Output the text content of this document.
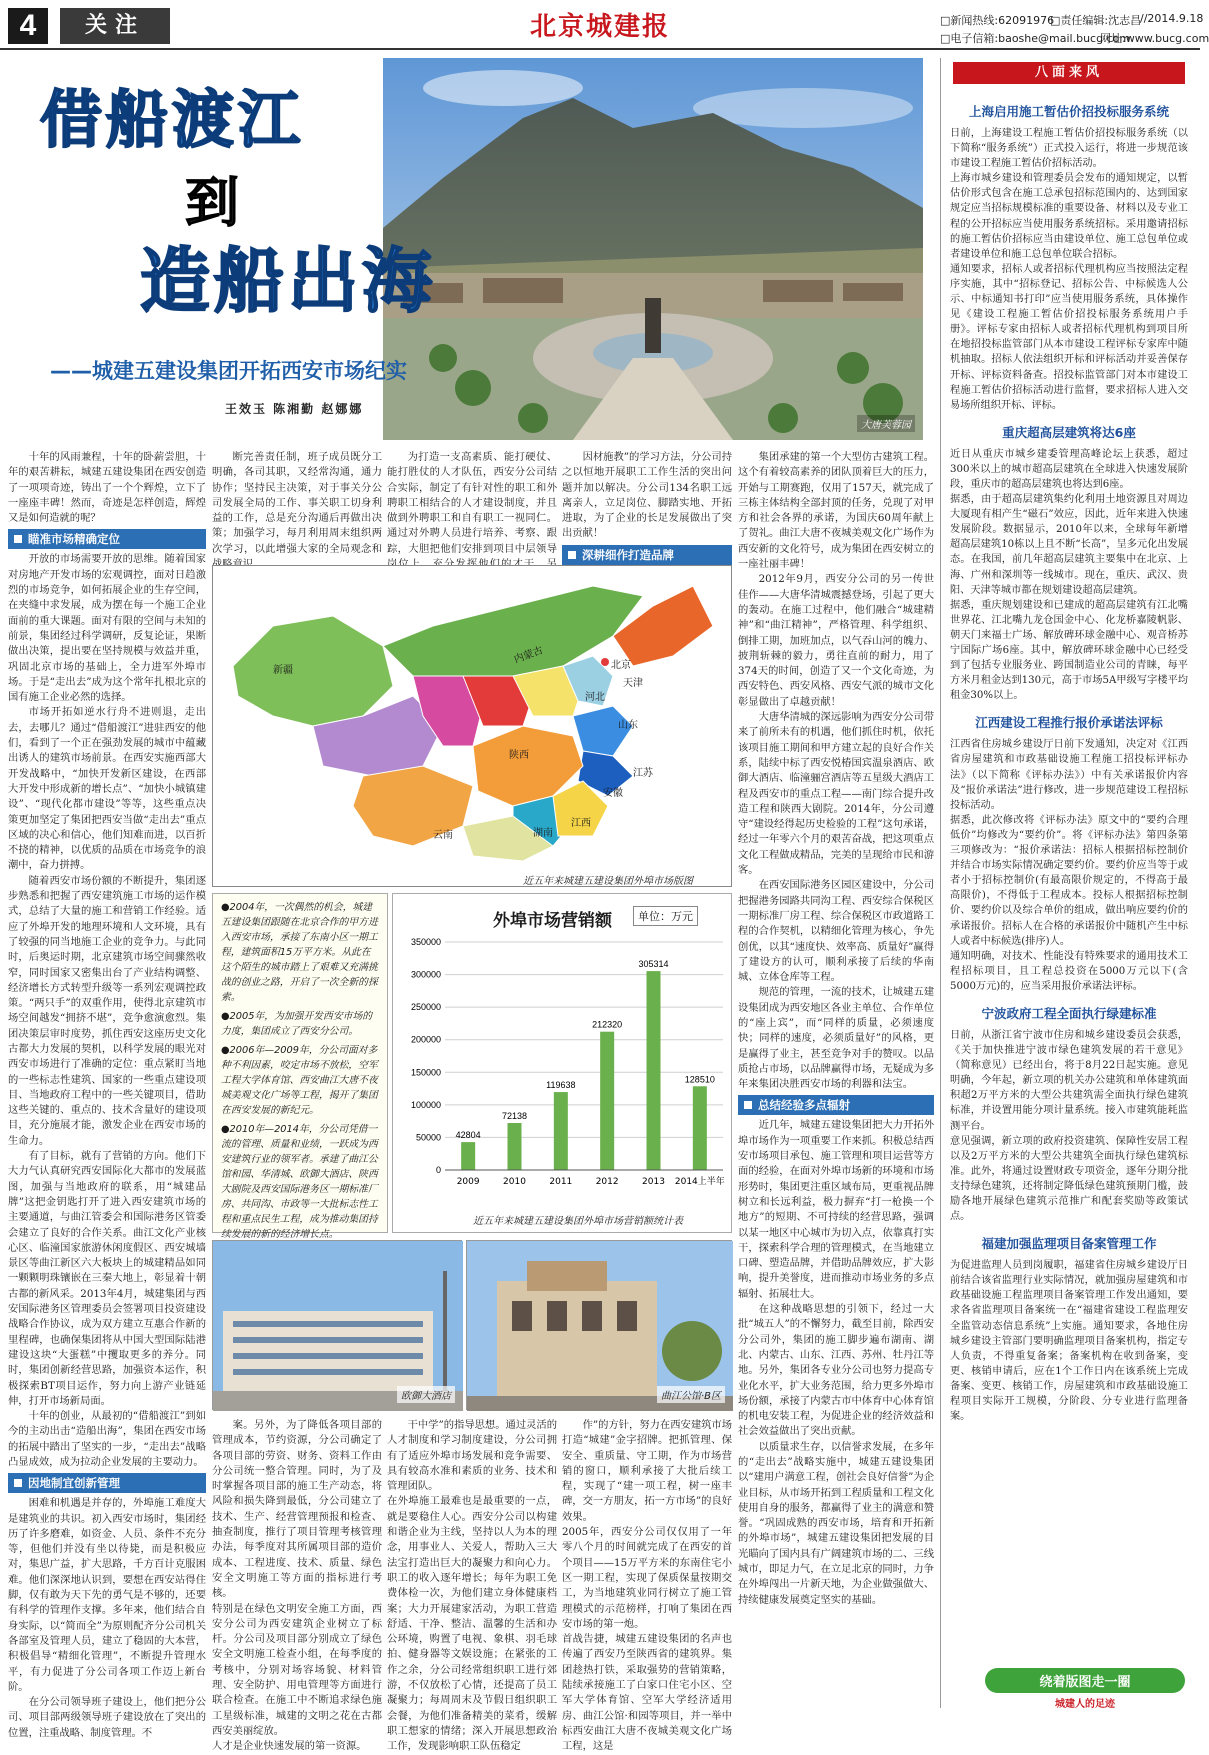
4	关注	北京城建报	□新闻热线:62091976
□责任编辑:沈志昌
//2014.9.18
□电子信箱:baoshe@mail.bucg.com
网址:www.bucg.com
大唐芙蓉园
借船渡江
到
造船出海
——城建五建设集团开拓西安市场纪实
王效玉 陈湘勤 赵娜娜

十年的风雨兼程，十年的卧薪尝胆，十年的艰苦耕耘，城建五建设集团在西安创造了一项项奇迹，铸出了一个个辉煌，立下了一座座丰碑！然而，奇迹是怎样创造，辉煌又是如何造就的呢？

瞄准市场精确定位

开放的市场需要开放的思维。随着国家对房地产开发市场的宏观调控，面对日趋激烈的市场竞争，如何拓展企业的生存空间，在夹缝中求发展，成为摆在每一个施工企业面前的重大课题。面对有限的空间与未知的前景，集团经过科学调研，反复论证，果断做出决策，提出要在坚持规模与效益并重，巩固北京市场的基础上，全力进军外埠市场。于是“走出去”成为这个常年扎根北京的国有施工企业必然的选择。

市场开拓如逆水行舟不进则退，走出去，去哪儿？通过“借船渡江”进驻西安的他们，看到了一个正在强劲发展的城市中蕴藏出诱人的建筑市场前景。在西安实施西部大开发战略中，“加快开发新区建设，在西部大开发中形成新的增长点”、“加快小城镇建设”、“现代化都市建设”等等，这些重点决策更加坚定了集团把西安当做“走出去”重点区域的决心和信心，他们知难而进，以百折不挠的精神，以优质的品质在市场竞争的浪潮中，奋力拼搏。

随着西安市场份额的不断提升，集团逐步熟悉和把握了西安建筑施工市场的运作模式，总结了大量的施工和营销工作经验。适应了外埠开发的地理环境和人文环境，具有了较强的同当地施工企业的竞争力。与此同时，后奥运时期，北京建筑市场空间骤然收窄，同时国家又密集出台了产业结构调整、经济增长方式转型升级等一系列宏观调控政策。“两只手”的双重作用，使得北京建筑市场空间越发“拥挤不堪”，竞争愈演愈烈。集团决策层审时度势，抓住西安这座历史文化古都大力发展的契机，以科学发展的眼光对西安市场进行了准确的定位：重点紧盯当地的一些标志性建筑、国家的一些重点建设项目、当地政府工程中的一些关键项目，借助这些关键的、重点的、技术含量好的建设项目，充分施展才能，激发企业在西安市场的生命力。

有了目标，就有了营销的方向。他们下大力气认真研究西安国际化大都市的发展蓝图，加强与当地政府的联系，用“城建品牌”这把金钥匙打开了进入西安建筑市场的主要通道，与曲江管委会和国际港务区管委会建立了良好的合作关系。曲江文化产业核心区、临潼国家旅游休闲度假区、西安城墙景区等曲江新区六大板块上的城建精品如同一颗颗明珠镶嵌在三秦大地上，彰显着十朝古都的新风采。2013年4月，城建集团与西安国际港务区管理委员会签署项目投资建设战略合作协议，成为双方建立互惠合作新的里程碑，也确保集团将从中国大型国际陆港建设这块“大蛋糕”中攫取更多的养分。同时，集团创新经营思路，加强资本运作，积极探索BT项目运作，努力向上游产业链延伸，打开市场新局面。

十年的创业，从最初的“借船渡江”到如今的主动出击“造船出海”，集团在西安市场的拓展中踏出了坚实的一步，“走出去”战略凸显成效，成为拉动企业发展的主要动力。

因地制宜创新管理

困难和机遇是并存的，外埠施工难度大是建筑业的共识。初入西安市场时，集团经历了许多磨难，如资金、人员、条件不充分等，但他们并没有坐以待毙，而是积极应对，集思广益，扩大思路，千方百计克服困难。他们深深地认识到，要想在西安站得住脚，仅有敢为天下先的勇气是不够的，还要有科学的管理作支撑。多年来，他们结合自身实际，以“简而全”为原则配齐分公司机关各部室及管理人员，建立了稳固的大本营，积极倡导“精细化管理”，不断提升管理水平，有力促进了分公司各项工作迈上新台阶。

在分公司领导班子建设上，他们把分公司、项目部两级领导班子建设放在了突出的位置，注重战略、制度管理。不

断完善责任制，班子成员既分工明确，各司其职，又经常沟通，通力协作；坚持民主决策，对于事关分公司发展全局的工作、事关职工切身利益的工作，总是充分沟通后再做出决策；加强学习，每月利用周末组织两次学习，以此增强大家的全局观念和

为打造一支高素质、能打硬仗、能打胜仗的人才队伍，西安分公司结合实际，制定了有针对性的职工和外聘职工相结合的人才建设制度，并且做到外聘职工和自有职工一视同仁。通过对外聘人员进行培养、考察、跟踪，大胆把他们安排到项目中层领导

因材施教”的学习方法，分公司持之以恒地开展职工工作生活的突出问题并加以解决。分公司134名职工远离亲人，立足岗位、脚踏实地、开拓进取，为了企业的长足发展做出了突出贡献！

深耕细作打造品牌

集团承建的第一个大型仿古建筑工程。这个有着较高素养的团队顶着巨大的压力，开始与工期赛跑，仅用了157天，就完成了三栋主体结构全部封顶的任务，兑现了对甲方和社会各界的承诺，为国庆60周年献上了贺礼。曲江大唐不夜城美观文化广场作为西安新的文化符号，成为集团在西安树立的一座社丽丰碑！

2012年9月，西安分公司的另一传世佳作——大唐华清城震撼登场，引起了更大的轰动。在施工过程中，他们融合“城建精神”和“曲江精神”，严格管理、科学组织、倒排工期，加班加点，以气吞山河的魄力、披荆斩棘的毅力，勇往直前的耐力，用了374天的时间，创造了又一个文化奇迹，为西安特色、西安风格、西安气派的城市文化彰显做出了卓越贡献！

大唐华清城的深远影响为西安分公司带来了前所未有的机遇，他们抓住时机，依托该项目施工期间和甲方建立起的良好合作关系，陆续中标了西安悦椿国宾温泉酒店、欧御大酒店、临潼骊宫酒店等五星级大酒店工程及西安市的重点工程——南门综合提升改造工程和陕西大剧院。2014年，分公司遵守“建设经得起历史检验的工程”这句承诺，经过一年零六个月的艰苦奋战，把这项重点文化工程做成精品，完美的呈现给市民和游客。

在西安国际港务区园区建设中，分公司把握港务园路共同沟工程、西安综合保税区一期标准厂房工程、综合保税区市政道路工程的合作契机，以精细化管理为核心，争先创优，以其“速度快、效率高、质量好”赢得了建设方的认可，顺利承接了后续的华南城、立体仓库等工程。

规范的管理，一流的技术，让城建五建设集团成为西安地区各业主单位、合作单位的“座上宾”，而“同样的质量，必须速度快；同样的速度，必须质量好”的风格，更是赢得了业主，甚至竞争对手的赞叹。以品质抢占市场，以品牌赢得市场，无疑成为多年来集团决胜西安市场的利器和法宝。

总结经验多点辐射

近几年，城建五建设集团把大力开拓外埠市场作为一项重要工作来抓。积极总结西安市场项目承包、施工管理和项目运营等方面的经验，在面对外埠市场新的环境和市场形势时，集团更注重区域布局，更重视品牌树立和长远利益，极力摒弃“打一枪换一个地方”的短期、不可持续的经营思路，强调以某一地区中心城市为切入点，依靠真打实干，探索科学合理的管理模式，在当地建立口碑、塑造品牌，并借助品牌效应，扩大影响，提升美誉度，进而推动市场业务的多点辐射、拓展壮大。

在这种战略思想的引领下，经过一大批“城五人”的不懈努力，截至目前，除西安分公司外，集团的施工脚步遍布湖南、湖北、内蒙古、山东、江西、苏州、牡丹江等地。另外，集团各专业分公司也努力提高专业化水平，扩大业务范围，给力更多外埠市场份额，承接了内蒙古市中体育中心体育馆的机电安装工程，为促进企业的经济效益和社会效益做出了突出贡献。

以质量求生存，以信誉求发展，在多年的“走出去”战略实施中，城建五建设集团以“建用户满意工程，创社会良好信誉”为企业目标，从市场开拓到工程质量和工程文化使用自身的服务，都赢得了业主的满意和赞誉。“巩固成熟的西安市场，培育和开拓新的外埠市场”，城建五建设集团把发展的目光瞄向了国内具有广阔建筑市场的二、三线城市，即足力气，在立足北京的同时，力争在外埠闯出一片新天地，为企业做强做大、持续健康发展奠定坚实的基础。

新疆
内蒙古	北京
天津
河北
山东
陕西
江苏
安徽
湖南
江西
云南
近五年来城建五建设集团外埠市场版图
●2004年，一次偶然的机会，城建五建设集团跟随在北京合作的甲方进入西安市场，承接了东南小区一期工程，建筑面积15万平方米。从此在这个陌生的城市踏上了艰难又充满挑战的创业之路，开启了一次全新的探索。
●2005年，为加强开发西安市场的力度，集团成立了西安分公司。
●2006年—2009年，分公司面对多种不利因素，咬定市场不放松，空军工程大学体育馆、西安曲江大唐不夜城美观文化广场等工程，揭开了集团在西安发展的新纪元。
●2010年—2014年，分公司凭借一流的管理、质量和业绩，一跃成为西安建筑行业的领军者。承建了曲江公馆和园、华清城、欧御大酒店、陕西大剧院及西安国际港务区一期标准厂房、共同沟、市政等一大批标志性工程和重点民生工程，成为推动集团持续发展的新的经济增长点。
外埠市场营销额	单位：万元
0
50000
100000
150000
200000
250000
300000
350000
42804
2009
72138
2010
119638
2011
212320
2012
305314
2013
128510
2014上半年
近五年来城建五建设集团外埠市场营销额统计表
欧御大酒店	曲江公馆·B区

案。另外，为了降低各项目部的管理成本，节约资源，分公司确定了各项目部的劳资、财务、资料工作由分公司统一整合管理。同时，为了及时掌握各项目部的施工生产动态，将风险和损失降到最低，分公司建立了技术、生产、经营管理预报和检查、抽查制度，推行了项目管理考核管理办法，每季度对其所属项目部的造价成本、工程进度、技术、质量、绿色安全文明施工等方面的指标进行考核。
特别是在绿色文明安全施工方面，西安分公司为西安建筑企业树立了标杆。分公司及项目部分别成立了绿色安全文明施工检查小组，在每季度的考核中，分别对场容场貌、材料管理、安全防护、用电管理等方面进行联合检查。在施工中不断追求绿色施工星级标准，城建的文明之花在古都西安美丽绽放。
人才是企业快速发展的第一资源。

干中学”的指导思想。通过灵活的人才制度和学习制度建设，分公司拥有了适应外埠市场发展和竞争需要、具有较高水准和素质的业务、技术和管理团队。
在外埠施工最难也是最重要的一点，就是要稳住人心。西安分公司以构建和谐企业为主线，坚持以人为本的理念，用事业人、关爱人，帮助入三大法宝打造出巨大的凝聚力和向心力。职工的收入逐年增长；每年为职工免费体检一次，为他们建立身体健康档案；大力开展建家活动，为职工营造舒适、干净、整洁、温馨的生活和办公环境，购置了电视、象棋、羽毛球拍、健身器等文娱设施；在紧张的工作之余，分公司经常组织职工进行郊游，不仅放松了心情，还提高了员工凝聚力；每周周末及节假日组织职工会餐，为他们准备精美的菜肴，缓解职工想家的情绪；深入开展思想政治工作，发现影响职工队伍稳定

作”的方针，努力在西安建筑市场打造“城建”金字招牌。把抓管理、保安全、重质量、守工期，作为市场营销的窗口，顺利承接了大批后续工程，实现了“建一项工程，树一座丰碑，交一方朋友，拓一方市场”的良好效果。
2005年，西安分公司仅仅用了一年零八个月的时间就完成了在西安的首个项目——15万平方米的东南住宅小区一期工程，实现了保质保量按期交工，为当地建筑业同行树立了施工管理模式的示范榜样，打响了集团在西安市场的第一炮。
首战告捷，城建五建设集团的名声也传遍了西安乃至陕西省的建筑界。集团趁热打铁，采取强势的营销策略，陆续承接施工了白家口住宅小区、空军大学体育馆、空军大学经济适用房、曲江公馆·和园等项目，并一举中标西安曲江大唐不夜城美观文化广场工程，这是

八面来风
上海启用施工暂估价招投标服务系统
日前，上海建设工程施工暂估价招投标服务系统（以下简称“服务系统”）正式投入运行，将进一步规范该市建设工程施工暂估价招标活动。
上海市城乡建设和管理委员会发布的通知规定，以暂估价形式包含在施工总承包招标范围内的、达到国家规定应当招标规模标准的重要设备、材料以及专业工程的公开招标应当使用服务系统招标。采用邀请招标的施工暂估价招标应当由建设单位、施工总包单位或者建设单位和施工总包单位联合招标。
通知要求，招标人或者招标代理机构应当按照法定程序实施，其中“招标登记、招标公告、中标候选人公示、中标通知书打印”应当使用服务系统，具体操作见《建设工程施工暂估价招投标服务系统用户手册》。评标专家由招标人或者招标代理机构到项目所在地招投标监管部门从本市建设工程评标专家库中随机抽取。招标人依法组织开标和评标活动并妥善保存开标、评标资料备查。招投标监管部门对本市建设工程施工暂估价招标活动进行监督，要求招标人进入交易场所组织开标、评标。
重庆超高层建筑将达6座
近日从重庆市城乡建委管理高峰论坛上获悉，超过300米以上的城市超高层建筑在全球进入快速发展阶段，重庆市的超高层建筑也将达到6座。
据悉，由于超高层建筑集约化利用土地资源且对周边大厦现有相产生“磁石”效应，因此，近年来进入快速发展阶段。数据显示，2010年以来，全球每年新增超高层建筑10栋以上且不断“长高”，呈多元化出发展态。在我国，前几年超高层建筑主要集中在北京、上海、广州和深圳等一线城市。现在，重庆、武汉、贵阳、天津等城市都在规划建设超高层建筑。
据悉，重庆规划建设和已建成的超高层建筑有江北嘴世界花、江北嘴九龙仓国金中心、化龙桥嘉陵帆影、朝天门来福士广场、解放碑环球金融中心、观音桥苏宁国际广场6座。其中，解放碑环球金融中心已经受到了包括专业服务业、跨国制造业公司的青睐，每平方米月租金达到130元，高于市场5A甲级写字楼平均租金30%以上。
江西建设工程推行报价承诺法评标
江西省住房城乡建设厅日前下发通知，决定对《江西省房屋建筑和市政基础设施工程施工招投标评标办法》（以下简称《评标办法》）中有关承诺报价内容及“报价承诺法”进行修改，进一步规范建设工程招标投标活动。
据悉，此次修改将《评标办法》原文中的“要约合理低价”均修改为“要约价”。将《评标办法》第四条第三项修改为：“报价承诺法：招标人根据招标控制价并结合市场实际情况确定要约价。要约价应当等于或者小于招标控制价(有最高限价规定的，不得高于最高限价)，不得低于工程成本。投标人根据招标控制价、要约价以及综合单价的组成，做出响应要约价的承诺报价。招标人在合格的承诺报价中随机产生中标人或者中标候选(排序)人。
通知明确，对技术、性能没有特殊要求的通用技术工程招标项目，且工程总投资在5000万元以下(含5000万元)的，应当采用报价承诺法评标。
宁波政府工程全面执行绿建标准
日前，从浙江省宁波市住房和城乡建设委员会获悉，《关于加快推进宁波市绿色建筑发展的若干意见》（简称意见）已经出台，将于8月22日起实施。意见明确，今年起，新立项的机关办公建筑和单体建筑面积超2万平方米的大型公共建筑需全面执行绿色建筑标准，并设置用能分项计量系统。接入市建筑能耗监测平台。
意见强调，新立项的政府投资建筑、保障性安居工程以及2万平方米的大型公共建筑全面执行绿色建筑标准。此外，将通过设置财政专项资金，逐年分期分批支持绿色建筑，还将制定降低绿色建筑预期门槛，鼓励各地开展绿色建筑示范推广和配套奖励等政策试点。
福建加强监理项目备案管理工作
为促进监理人员到岗履职，福建省住房城乡建设厅日前结合该省监理行业实际情况，就加强房屋建筑和市政基础设施工程监理项目备案管理工作发出通知，要求各省监理项目备案统一在“福建省建设工程监理安全监管动态信息系统”上实施。通知要求，各地住房城乡建设主管部门要明确监理项目备案机构，指定专人负责，不得重复备案；备案机构在收到备案，变更、核销申请后，应在1个工作日内在该系统上完成备案、变更、核销工作，房屋建筑和市政基础设施工程项目实际开工规模，分阶段、分专业进行监理备案。
绕着版图走一圈
城建人的足迹
